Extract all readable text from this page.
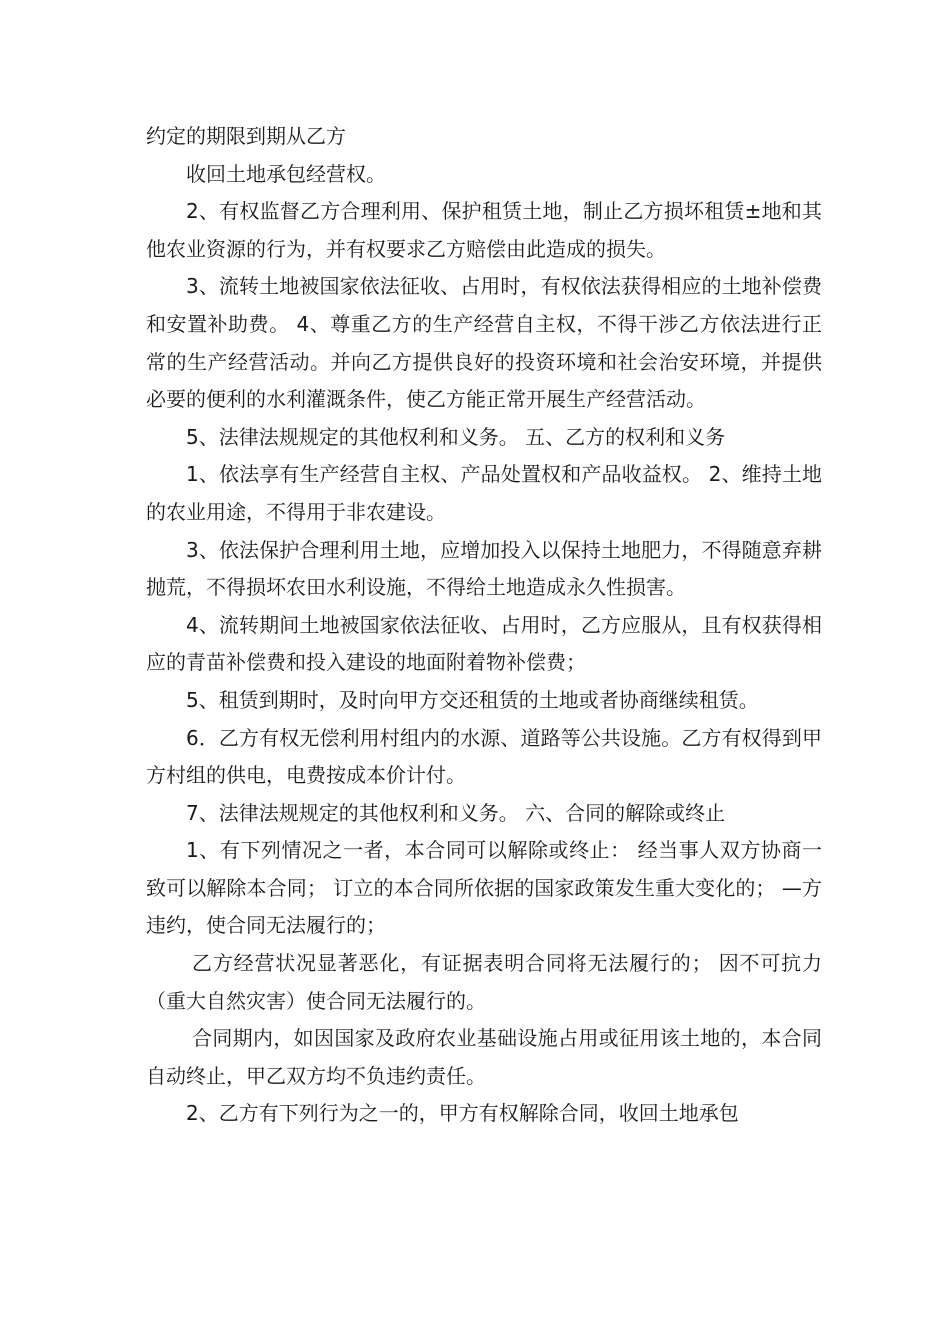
约定的期限到期从乙方

收回土地承包经营权。

2、有权监督乙方合理利用、保护租赁土地，制止乙方损坏租赁±地和其他农业资源的行为，并有权要求乙方赔偿由此造成的损失。

3、流转土地被国家依法征收、占用时，有权依法获得相应的土地补偿费和安置补助费。 4、尊重乙方的生产经营自主权，不得干涉乙方依法进行正常的生产经营活动。并向乙方提供良好的投资环境和社会治安环境，并提供必要的便利的水利灌溉条件，使乙方能正常开展生产经营活动。

5、法律法规规定的其他权利和义务。 五、乙方的权利和义务

1、依法享有生产经营自主权、产品处置权和产品收益权。 2、维持土地的农业用途，不得用于非农建设。

3、依法保护合理利用土地，应增加投入以保持土地肥力，不得随意弃耕抛荒，不得损坏农田水利设施，不得给土地造成永久性损害。

4、流转期间土地被国家依法征收、占用时，乙方应服从，且有权获得相应的青苗补偿费和投入建设的地面附着物补偿费；

5、租赁到期时，及时向甲方交还租赁的土地或者协商继续租赁。

6．乙方有权无偿利用村组内的水源、道路等公共设施。乙方有权得到甲方村组的供电，电费按成本价计付。

7、法律法规规定的其他权利和义务。 六、合同的解除或终止

1、有下列情况之一者，本合同可以解除或终止： 经当事人双方协商一致可以解除本合同； 订立的本合同所依据的国家政策发生重大变化的； —方违约，使合同无法履行的；

乙方经营状况显著恶化，有证据表明合同将无法履行的； 因不可抗力（重大自然灾害）使合同无法履行的。

合同期内，如因国家及政府农业基础设施占用或征用该土地的，本合同自动终止，甲乙双方均不负违约责任。

2、乙方有下列行为之一的，甲方有权解除合同，收回土地承包
